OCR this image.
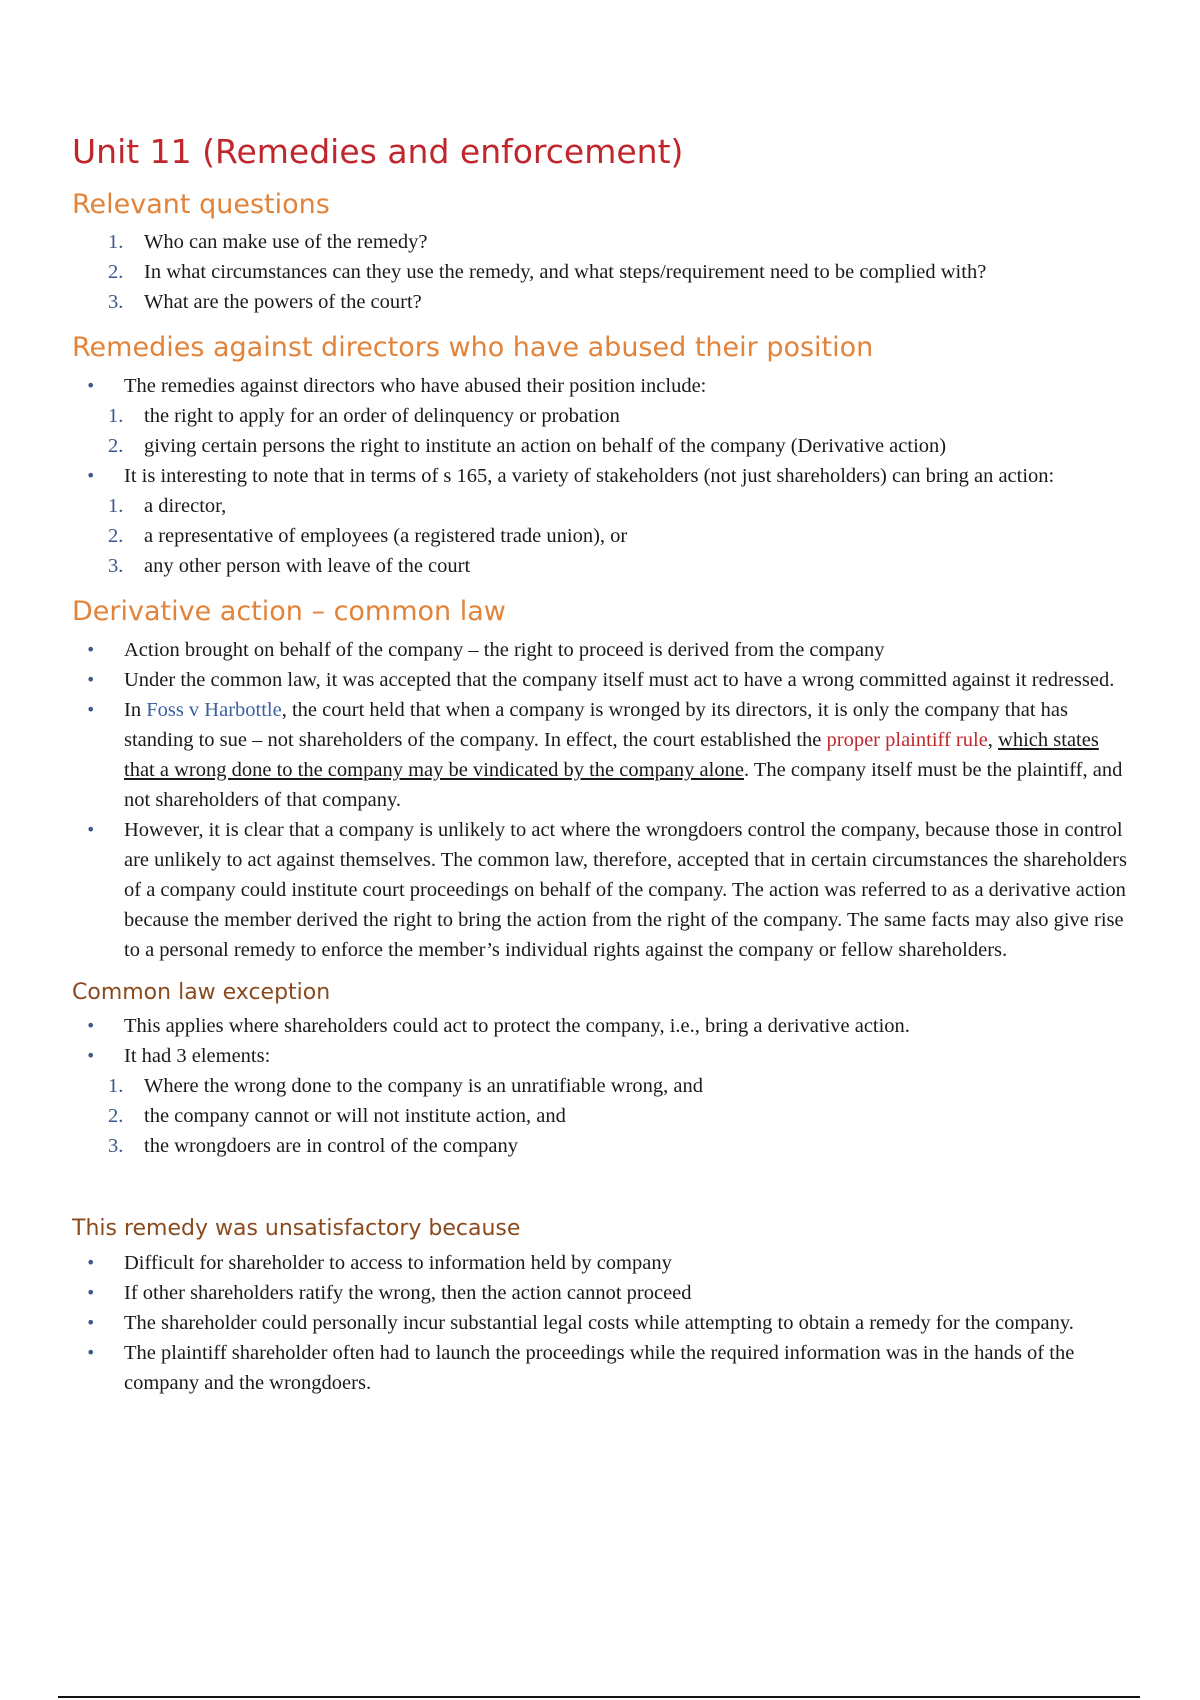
Unit 11 (Remedies and enforcement)
Relevant questions
1.	Who can make use of the remedy?
2.	In what circumstances can they use the remedy, and what steps/requirement need to be complied with?
3.	What are the powers of the court?
Remedies against directors who have abused their position
• The remedies against directors who have abused their position include:
1.	the right to apply for an order of delinquency or probation
2.	giving certain persons the right to institute an action on behalf of the company (Derivative action)
• It is interesting to note that in terms of s 165, a variety of stakeholders (not just shareholders) can bring an action:
1.	a director,
2.	a representative of employees (a registered trade union), or
3.	any other person with leave of the court
Derivative action – common law
• Action brought on behalf of the company – the right to proceed is derived from the company
• Under the common law, it was accepted that the company itself must act to have a wrong committed against it redressed.
• In Foss v Harbottle, the court held that when a company is wronged by its directors, it is only the company that has standing to sue – not shareholders of the company. In effect, the court established the proper plaintiff rule, which states that a wrong done to the company may be vindicated by the company alone. The company itself must be the plaintiff, and not shareholders of that company.
• However, it is clear that a company is unlikely to act where the wrongdoers control the company, because those in control are unlikely to act against themselves. The common law, therefore, accepted that in certain circumstances the shareholders of a company could institute court proceedings on behalf of the company. The action was referred to as a derivative action because the member derived the right to bring the action from the right of the company. The same facts may also give rise to a personal remedy to enforce the member’s individual rights against the company or fellow shareholders.
Common law exception
• This applies where shareholders could act to protect the company, i.e., bring a derivative action.
• It had 3 elements:
1.	Where the wrong done to the company is an unratifiable wrong, and
2.	the company cannot or will not institute action, and
3.	the wrongdoers are in control of the company
This remedy was unsatisfactory because
• Difficult for shareholder to access to information held by company
• If other shareholders ratify the wrong, then the action cannot proceed
• The shareholder could personally incur substantial legal costs while attempting to obtain a remedy for the company.
• The plaintiff shareholder often had to launch the proceedings while the required information was in the hands of the company and the wrongdoers.
